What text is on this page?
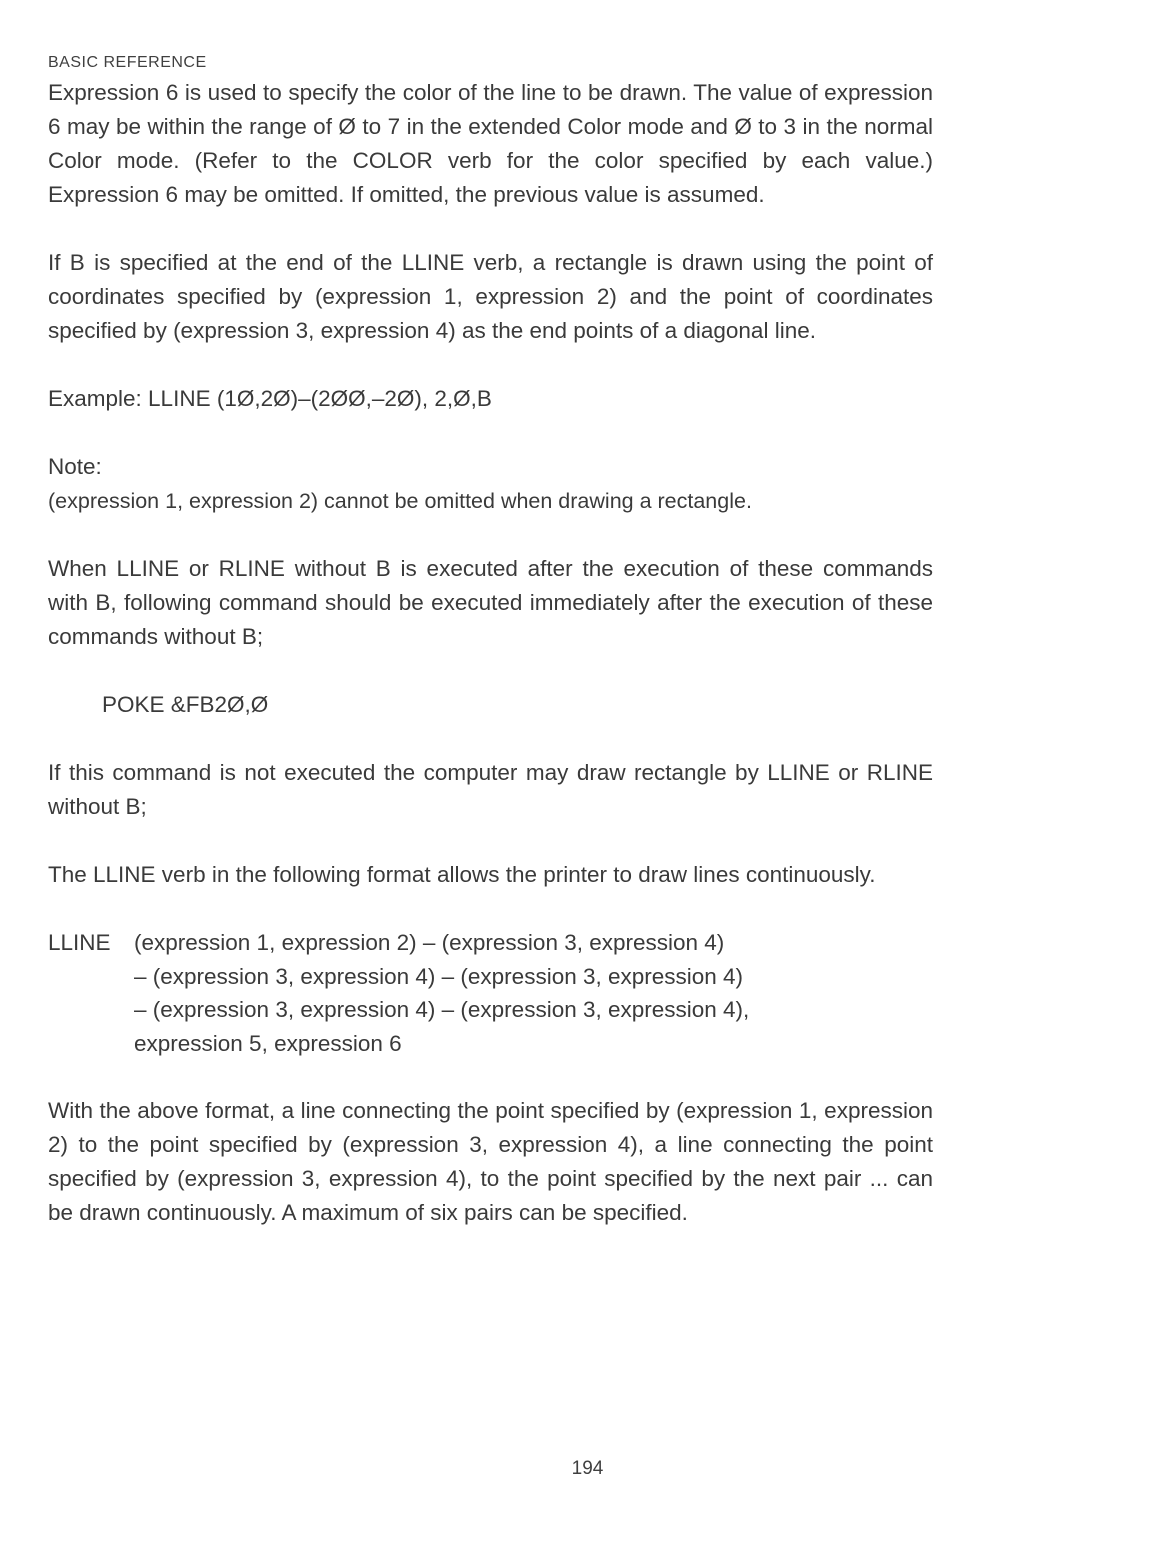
BASIC REFERENCE

Expression 6 is used to specify the color of the line to be drawn. The value of expression 6 may be within the range of Ø to 7 in the extended Color mode and Ø to 3 in the normal Color mode. (Refer to the COLOR verb for the color specified by each value.) Expression 6 may be omitted. If omitted, the previous value is assumed.

If B is specified at the end of the LLINE verb, a rectangle is drawn using the point of coordinates specified by (expression 1, expression 2) and the point of coordinates specified by (expression 3, expression 4) as the end points of a diagonal line.

Example: LLINE (1Ø,2Ø)–(2ØØ,–2Ø), 2,Ø,B

Note:

(expression 1, expression 2) cannot be omitted when drawing a rectangle.

When LLINE or RLINE without B is executed after the execution of these commands with B, following command should be executed immediately after the execution of these commands without B;

POKE &FB2Ø,Ø

If this command is not executed the computer may draw rectangle by LLINE or RLINE without B;

The LLINE verb in the following format allows the printer to draw lines continuously.

LLINE	(expression 1, expression 2) – (expression 3, expression 4)
– (expression 3, expression 4) – (expression 3, expression 4)
– (expression 3, expression 4) – (expression 3, expression 4),
expression 5, expression 6

With the above format, a line connecting the point specified by (expression 1, expression 2) to the point specified by (expression 3, expression 4), a line connecting the point specified by (expression 3, expression 4), to the point specified by the next pair ... can be drawn continuously. A maximum of six pairs can be specified.

194
